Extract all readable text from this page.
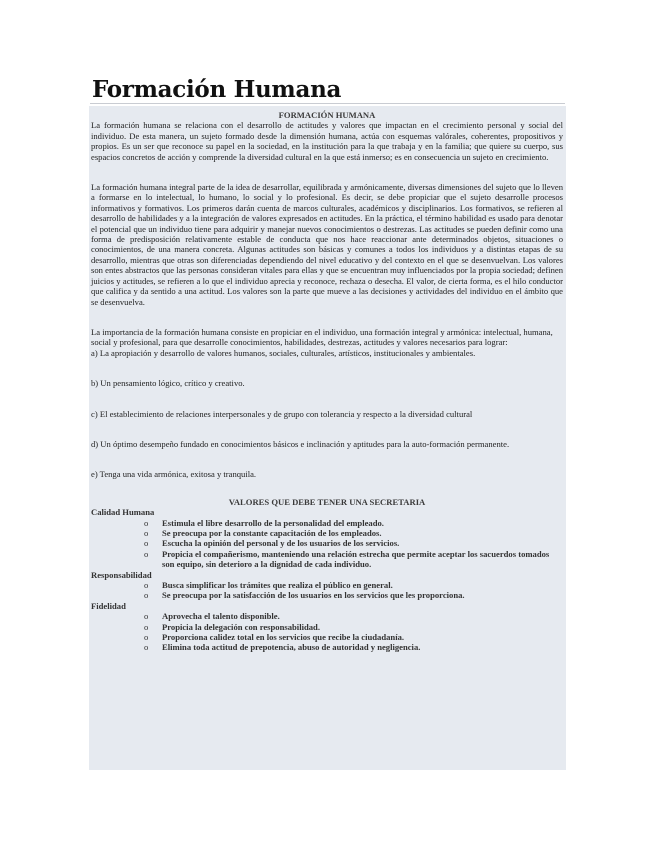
Formación Humana

FORMACIÓN HUMANA

La formación humana se relaciona con el desarrollo de actitudes y valores que impactan en el crecimiento personal y social del individuo. De esta manera, un sujeto formado desde la dimensión humana, actúa con esquemas valórales, coherentes, propositivos y propios. Es un ser que reconoce su papel en la sociedad, en la institución para la que trabaja y en la familia; que quiere su cuerpo, sus espacios concretos de acción y comprende la diversidad cultural en la que está inmerso; es en consecuencia un sujeto en crecimiento.

La formación humana integral parte de la idea de desarrollar, equilibrada y armónicamente, diversas dimensiones del sujeto que lo lleven a formarse en lo intelectual, lo humano, lo social y lo profesional. Es decir, se debe propiciar que el sujeto desarrolle procesos informativos y formativos. Los primeros darán cuenta de marcos culturales, académicos y disciplinarios. Los formativos, se refieren al desarrollo de habilidades y a la integración de valores expresados en actitudes. En la práctica, el término habilidad es usado para denotar el potencial que un individuo tiene para adquirir y manejar nuevos conocimientos o destrezas. Las actitudes se pueden definir como una forma de predisposición relativamente estable de conducta que nos hace reaccionar ante determinados objetos, situaciones o conocimientos, de una manera concreta. Algunas actitudes son básicas y comunes a todos los individuos y a distintas etapas de su desarrollo, mientras que otras son diferenciadas dependiendo del nivel educativo y del contexto en el que se desenvuelvan. Los valores son entes abstractos que las personas consideran vitales para ellas y que se encuentran muy influenciados por la propia sociedad; definen juicios y actitudes, se refieren a lo que el individuo aprecia y reconoce, rechaza o desecha. El valor, de cierta forma, es el hilo conductor que califica y da sentido a una actitud. Los valores son la parte que mueve a las decisiones y actividades del individuo en el ámbito que se desenvuelva.

La importancia de la formación humana consiste en propiciar en el individuo, una formación integral y armónica: intelectual, humana, social y profesional, para que desarrolle conocimientos, habilidades, destrezas, actitudes y valores necesarios para lograr:

a) La apropiación y desarrollo de valores humanos, sociales, culturales, artísticos, institucionales y ambientales.

b) Un pensamiento lógico, crítico y creativo.

c) El establecimiento de relaciones interpersonales y de grupo con tolerancia y respecto a la diversidad cultural

d) Un óptimo desempeño fundado en conocimientos básicos e inclinación y aptitudes para la auto-formación permanente.

e) Tenga una vida armónica, exitosa y tranquila.

VALORES QUE DEBE TENER UNA SECRETARIA

Calidad Humana

o Estimula el libre desarrollo de la personalidad del empleado.
o Se preocupa por la constante capacitación de los empleados.
o Escucha la opinión del personal y de los usuarios de los servicios.
o Propicia el compañerismo, manteniendo una relación estrecha que permite aceptar los sacuerdos tomados son equipo, sin deterioro a la dignidad de cada individuo.

Responsabilidad

o Busca simplificar los trámites que realiza el público en general.
o Se preocupa por la satisfacción de los usuarios en los servicios que les proporciona.

Fidelidad

o Aprovecha el talento disponible.
o Propicia la delegación con responsabilidad.
o Proporciona calidez total en los servicios que recibe la ciudadanía.
o Elimina toda actitud de prepotencia, abuso de autoridad y negligencia.
